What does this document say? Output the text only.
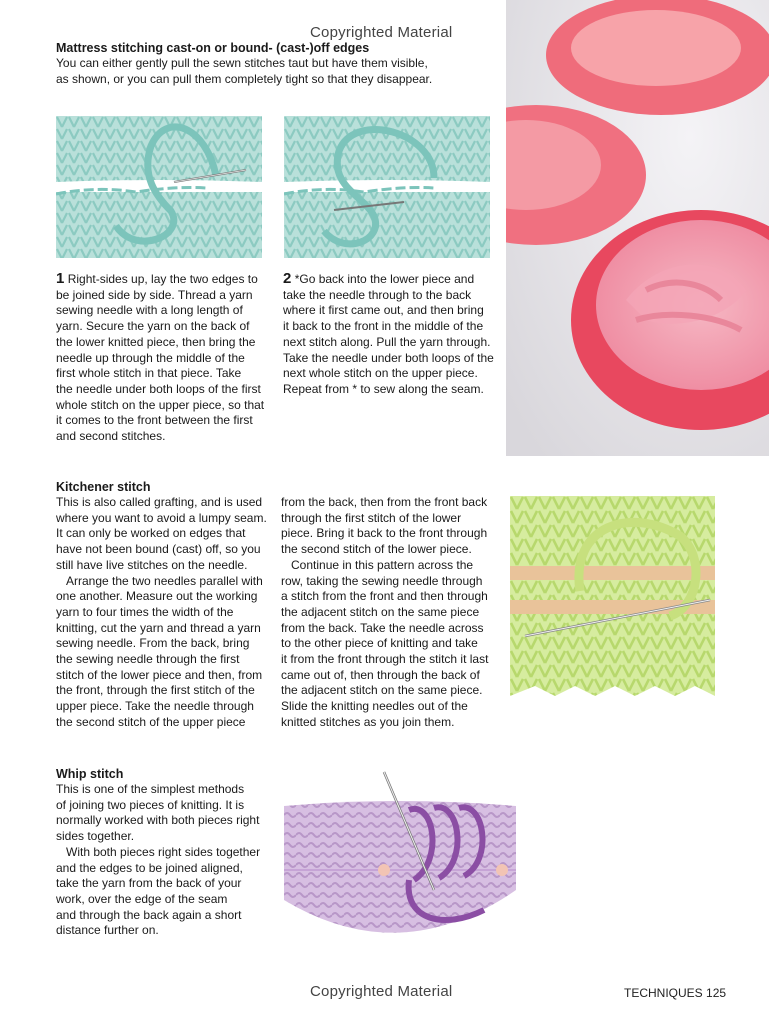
Copyrighted Material

Mattress stitching cast-on or bound- (cast-)off edges

You can either gently pull the sewn stitches taut but have them visible,

as shown, or you can pull them completely tight so that they disappear.

1 Right-sides up, lay the two edges to

be joined side by side. Thread a yarn

sewing needle with a long length of

yarn. Secure the yarn on the back of

the lower knitted piece, then bring the

needle up through the middle of the

first whole stitch in that piece. Take

the needle under both loops of the first

whole stitch on the upper piece, so that

it comes to the front between the first

and second stitches.

2 *Go back into the lower piece and

take the needle through to the back

where it first came out, and then bring

it back to the front in the middle of the

next stitch along. Pull the yarn through.

Take the needle under both loops of the

next whole stitch on the upper piece.

Repeat from * to sew along the seam.

Kitchener stitch

This is also called grafting, and is used

where you want to avoid a lumpy seam.

It can only be worked on edges that

have not been bound (cast) off, so you

still have live stitches on the needle.

Arrange the two needles parallel with

one another. Measure out the working

yarn to four times the width of the

knitting, cut the yarn and thread a yarn

sewing needle. From the back, bring

the sewing needle through the first

stitch of the lower piece and then, from

the front, through the first stitch of the

upper piece. Take the needle through

the second stitch of the upper piece

from the back, then from the front back

through the first stitch of the lower

piece. Bring it back to the front through

the second stitch of the lower piece.

Continue in this pattern across the

row, taking the sewing needle through

a stitch from the front and then through

the adjacent stitch on the same piece

from the back. Take the needle across

to the other piece of knitting and take

it from the front through the stitch it last

came out of, then through the back of

the adjacent stitch on the same piece.

Slide the knitting needles out of the

knitted stitches as you join them.

Whip stitch

This is one of the simplest methods

of joining two pieces of knitting. It is

normally worked with both pieces right

sides together.

With both pieces right sides together

and the edges to be joined aligned,

take the yarn from the back of your

work, over the edge of the seam

and through the back again a short

distance further on.

Copyrighted Material	TECHNIQUES 125
